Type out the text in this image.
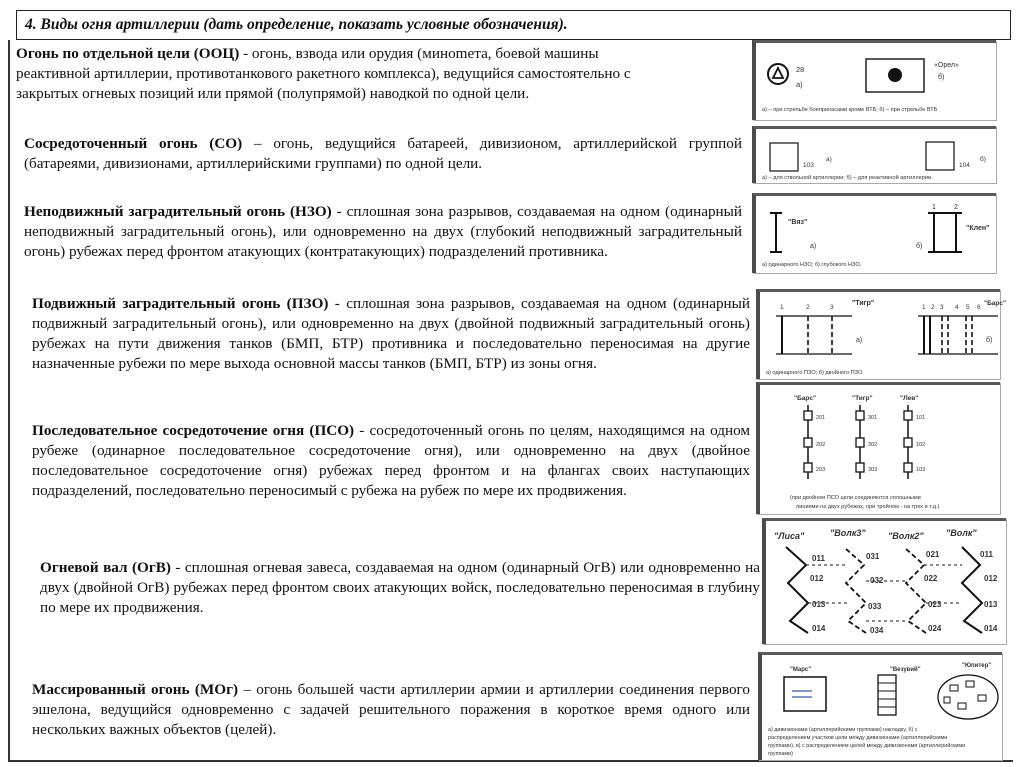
4. Виды огня артиллерии (дать определение, показать условные обозначения).
Огонь по отдельной цели (ООЦ) - огонь, взвода или орудия (минomета, боевой машины реактивной артиллерии, противотанкового ракетного комплекса), ведущийся самостоятельно с закрытых огневых позиций или прямой (полупрямой) наводкой по одной цели.
Сосредоточенный огонь (СО) – огонь, ведущийся батареей, дивизионом, артиллерийской группой (батареями, дивизионами, артиллерийскими группами) по одной цели.
Неподвижный заградительный огонь (НЗО) - сплошная зона разрывов, создаваемая на одном (одинарный неподвижный заградительный огонь), или одновременно на двух (глубокий неподвижный заградительный огонь) рубежах перед фронтом атакующих (контратакующих) подразделений противника.
Подвижный заградительный огонь (ПЗО) - сплошная зона разрывов, создаваемая на одном (одинарный подвижный заградительный огонь), или одновременно на двух (двойной подвижный заградительный огонь) рубежах на пути движения танков (БМП, БТР) противника и последовательно переносимая на другие назначенные рубежи по мере выхода основной массы танков (БМП, БТР) из зоны огня.
Последовательное сосредоточение огня (ПСО) - сосредоточенный огонь по целям, находящимся на одном рубеже (одинарное последовательное сосредоточение огня), или одновременно на двух (двойное последовательное сосредоточение огня) рубежах перед фронтом и на флангах своих наступающих подразделений, последовательно переносимый с рубежа на рубеж по мере их продвижения.
Огневой вал (ОгВ) - сплошная огневая завеса, создаваемая на одном (одинарный ОгВ) или одновременно на двух (двойной ОгВ) рубежах перед фронтом своих атакующих войск, последовательно переносимая в глубину по мере их продвижения.
Массированный огонь (МОг) – огонь большей части артиллерии армии и артиллерии соединения первого эшелона, ведущийся одновременно с задачей решительного поражения в короткое время одного или нескольких важных объектов (целей).
28
а)
«Орел»
б)
а) – при стрельбе боеприпасами кроме ВТБ; б) – при стрельбе ВТБ
103
а)
104
б)
а) – для ствольной артиллерии; б) – для реактивной артиллерии.
"Вяз"
а)
1	2
"Клен"
б)
а) одинарного НЗО; б) глубокого НЗО.
1	2	3
"Тигр"
а)
1 2 3 4 5 6
"Барс"
б)
а) одинарного ПЗО; б) двойного ПЗО
"Барс"	"Тигр"	"Лев"
201
202
203
301
302
303
101
102
103
(при двойном ПСО цели соединяются сплошными
линиями на двух рубежах, при тройном - на трех и т.д.)
"Лиса"	"Волк3" "Волк2" "Волк"
011
012
013
014
031
032
033
034
021
022
023
024
011
012
013
014
"Марс"	"Везувий"
"Юпитер"
а) дивизионами (артиллерийскими группами) накладку, б) с
распределением участков цели между дивизионами (артиллерийскими
группами), в) с распределением целей между дивизионами (артиллерийскими
группами)
